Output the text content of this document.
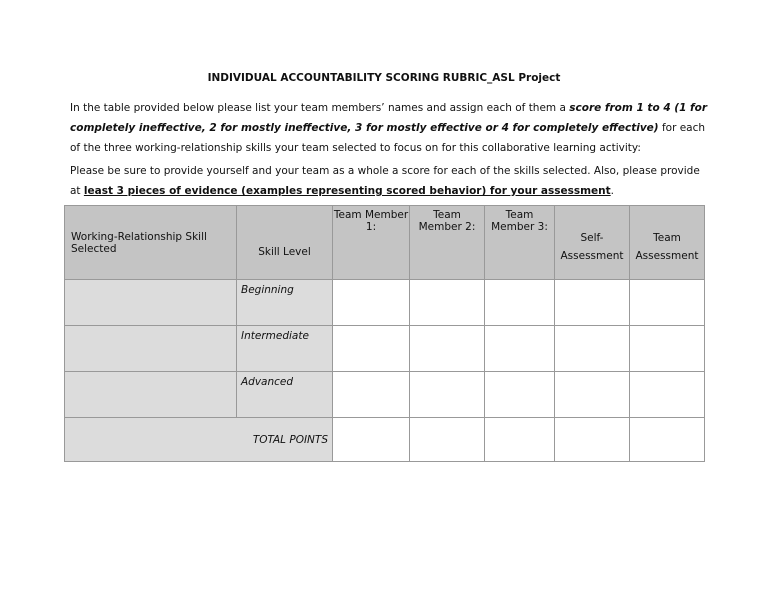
INDIVIDUAL ACCOUNTABILITY SCORING RUBRIC_ASL Project
In the table provided below please list your team members’ names and assign each of them a score from 1 to 4 (1 for completely ineffective, 2 for mostly ineffective, 3 for mostly effective or 4 for completely effective) for each of the three working-relationship skills your team selected to focus on for this collaborative learning activity:
Please be sure to provide yourself and your team as a whole a score for each of the skills selected. Also, please provide at least 3 pieces of evidence (examples representing scored behavior) for your assessment.
Working-Relationship Skill Selected	Skill Level	Team Member 1:	Team Member 2:	Team Member 3:	Self-Assessment	Team Assessment
	Beginning					
	Intermediate					
	Advanced					
TOTAL POINTS						
